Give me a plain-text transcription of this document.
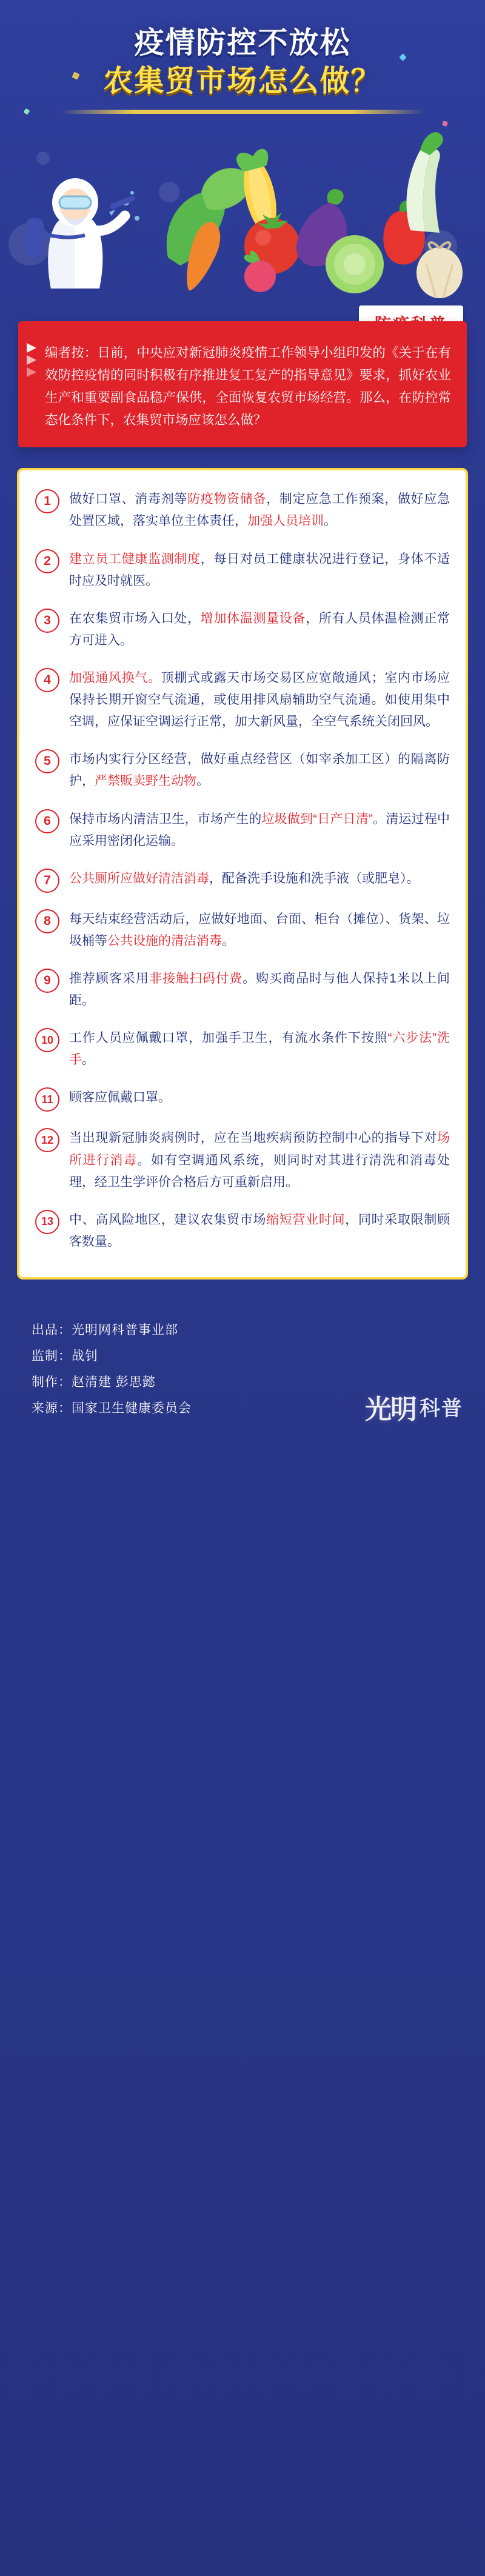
疫情防控不放松
农集贸市场怎么做？

编者按：日前，中央应对新冠肺炎疫情工作领导小组印发的《关于在有效防控疫情的同时积极有序推进复工复产的指导意见》要求，抓好农业生产和重要副食品稳产保供，全面恢复农贸市场经营。那么，在防控常态化条件下，农集贸市场应该怎么做？

1	做好口罩、消毒剂等防疫物资储备，制定应急工作预案，做好应急处置区域，落实单位主体责任，加强人员培训。
2	建立员工健康监测制度，每日对员工健康状况进行登记，身体不适时应及时就医。
3	在农集贸市场入口处，增加体温测量设备，所有人员体温检测正常方可进入。
4	加强通风换气。顶棚式或露天市场交易区应宽敞通风；室内市场应保持长期开窗空气流通，或使用排风扇辅助空气流通。如使用集中空调，应保证空调运行正常，加大新风量，全空气系统关闭回风。
5	市场内实行分区经营，做好重点经营区（如宰杀加工区）的隔离防护，严禁贩卖野生动物。
6	保持市场内清洁卫生，市场产生的垃圾做到“日产日清”。清运过程中应采用密闭化运输。
7	公共厕所应做好清洁消毒，配备洗手设施和洗手液（或肥皂）。
8	每天结束经营活动后，应做好地面、台面、柜台（摊位）、货架、垃圾桶等公共设施的清洁消毒。
9	推荐顾客采用非接触扫码付费。购买商品时与他人保持1米以上间距。
10	工作人员应佩戴口罩，加强手卫生，有流水条件下按照“六步法”洗手。
11	顾客应佩戴口罩。
12	当出现新冠肺炎病例时，应在当地疾病预防控制中心的指导下对场所进行消毒。如有空调通风系统，则同时对其进行清洗和消毒处理，经卫生学评价合格后方可重新启用。
13	中、高风险地区，建议农集贸市场缩短营业时间，同时采取限制顾客数量。
出品：光明网科普事业部
监制：战钊
制作：赵清建 彭思懿
来源：国家卫生健康委员会	光明 科普
